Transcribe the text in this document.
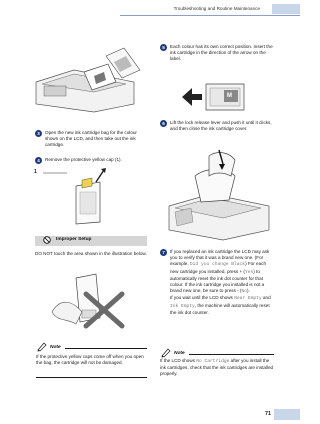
Troubleshooting and Routine Maintenance
3	Open the new ink cartridge bag for the colour shown on the LCD, and then take out the ink cartridge.
4	Remove the protective yellow cap (1).
1
Improper Setup
DO NOT touch the area shown in the illustration below.
Note
If the protective yellow caps come off when you open the bag, the cartridge will not be damaged.
5	Each colour has its own correct position. Insert the ink cartridge in the direction of the arrow on the label.
M
6	Lift the lock release lever and push it until it clicks, and then close the ink cartridge cover.
7	If you replaced an ink cartridge the LCD may ask you to verify that it was a brand new one. (For example, Did you change Black) For each new cartridge you installed, press + (Yes) to automatically reset the ink dot counter for that colour. If the ink cartridge you installed is not a brand new one, be sure to press - (No).
If you wait until the LCD shows Near Empty and Ink Empty, the machine will automatically reset the ink dot counter.
Note
If the LCD shows No Cartridge after you install the ink cartridges, check that the ink cartridges are installed properly.
71
